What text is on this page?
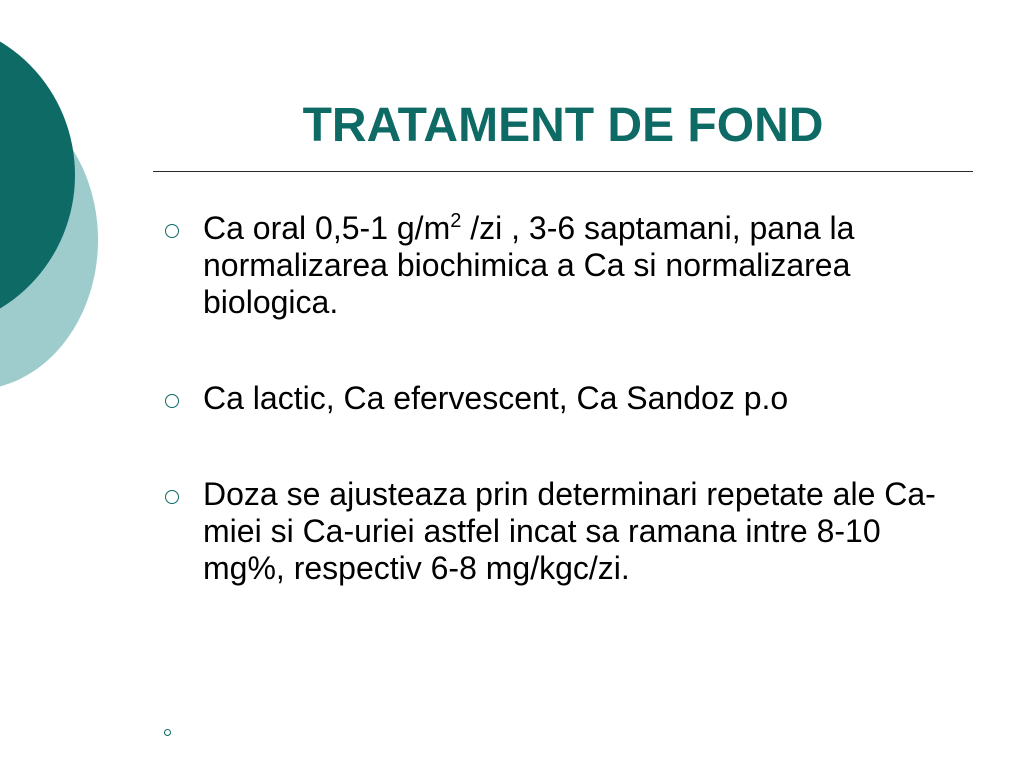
TRATAMENT DE FOND
Ca oral 0,5-1 $g/m^2$ /zi , 3-6 saptamani, pana la normalizarea biochimica a Ca si normalizarea biologica.
Ca lactic, Ca efervescent, Ca Sandoz p.o
Doza se ajusteaza prin determinari repetate ale Ca-miei si Ca-uriei astfel incat sa ramana intre 8-10 mg%, respectiv 6-8 mg/kgc/zi.
